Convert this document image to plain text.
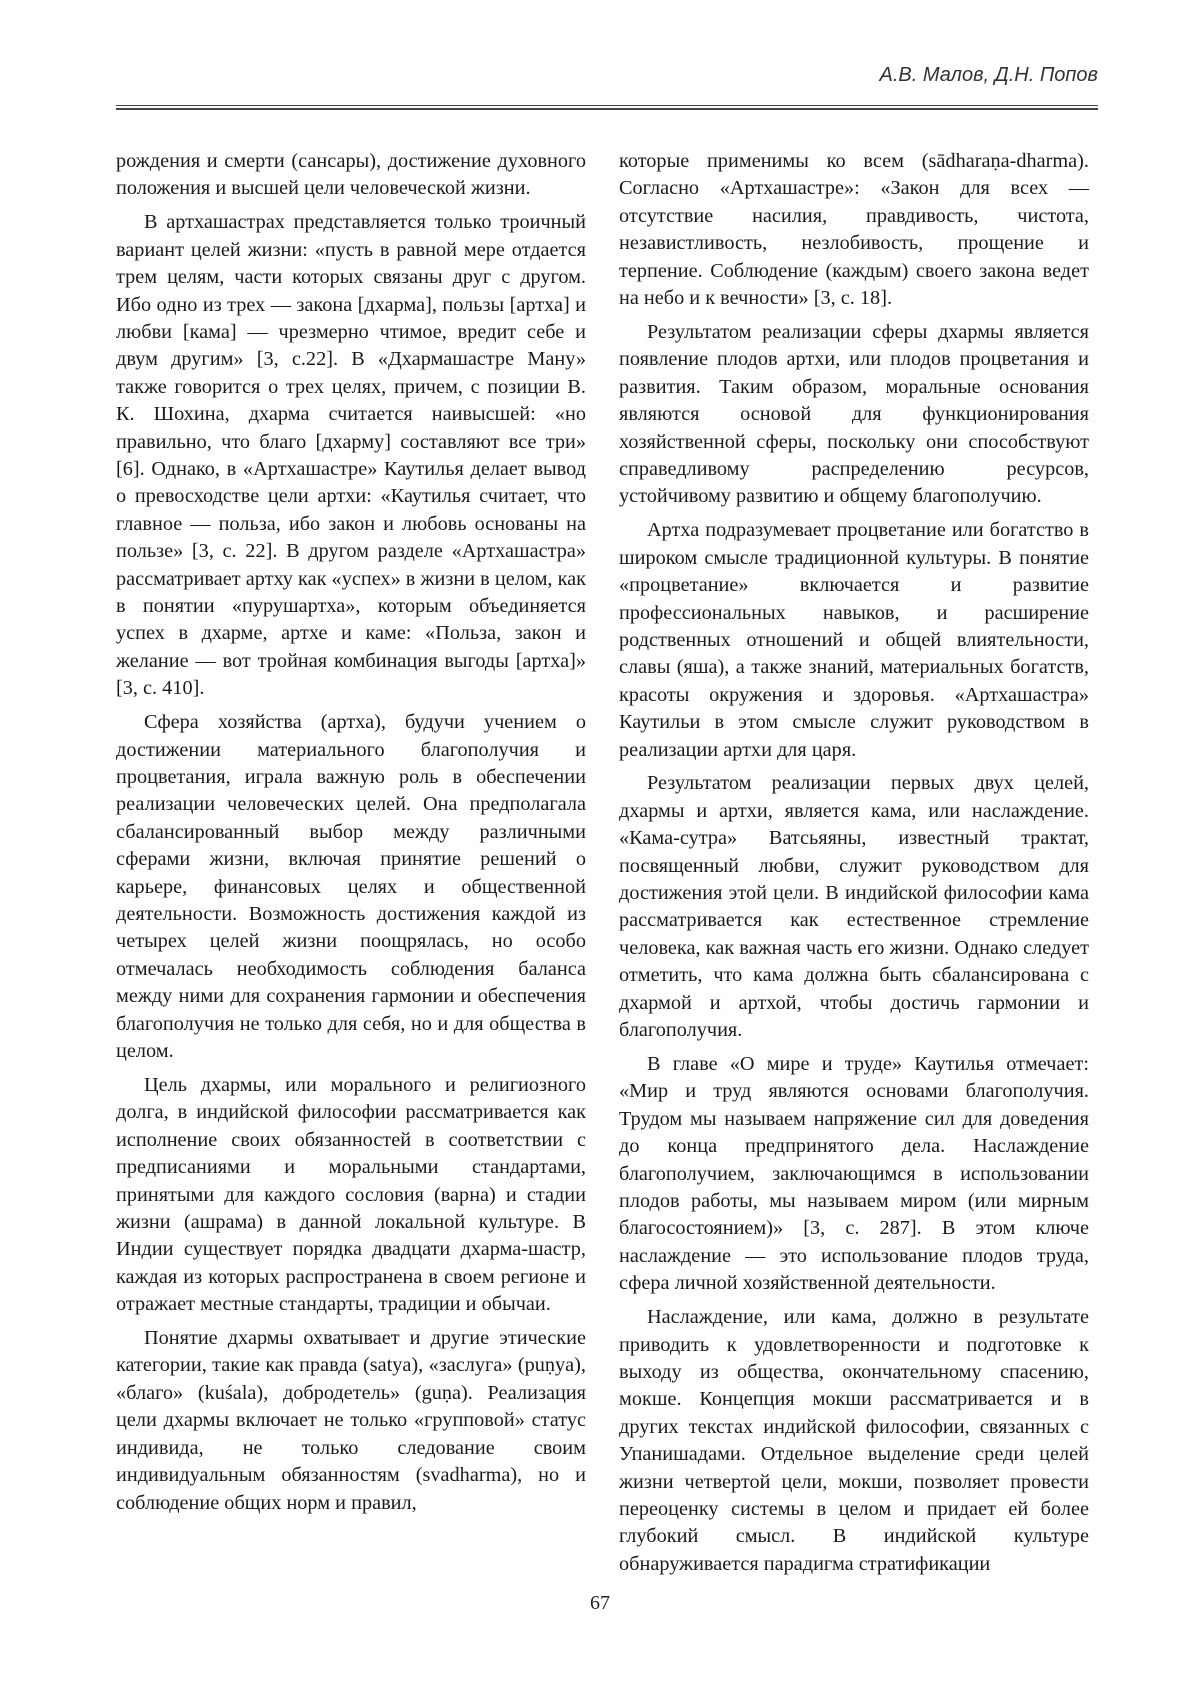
А.В. Малов, Д.Н. Попов

рождения и смерти (сансары), достижение духовного положения и высшей цели человеческой жизни.

В артхашастрах представляется только троичный вариант целей жизни: «пусть в равной мере отдается трем целям, части которых связаны друг с другом. Ибо одно из трех — закона [дхарма], пользы [артха] и любви [кама] — чрезмерно чтимое, вредит себе и двум другим» [3, с.22]. В «Дхармашастре Ману» также говорится о трех целях, причем, с позиции В. К. Шохина, дхарма считается наивысшей: «но правильно, что благо [дхарму] составляют все три» [6]. Однако, в «Артхашастре» Каутилья делает вывод о превосходстве цели артхи: «Каутилья считает, что главное — польза, ибо закон и любовь основаны на пользе» [3, с. 22]. В другом разделе «Артхашастра» рассматривает артху как «успех» в жизни в целом, как в понятии «пурушартха», которым объединяется успех в дхарме, артхе и каме: «Польза, закон и желание — вот тройная комбинация выгоды [артха]» [3, с. 410].

Сфера хозяйства (артха), будучи учением о достижении материального благополучия и процветания, играла важную роль в обеспечении реализации человеческих целей. Она предполагала сбалансированный выбор между различными сферами жизни, включая принятие решений о карьере, финансовых целях и общественной деятельности. Возможность достижения каждой из четырех целей жизни поощрялась, но особо отмечалась необходимость соблюдения баланса между ними для сохранения гармонии и обеспечения благополучия не только для себя, но и для общества в целом.

Цель дхармы, или морального и религиозного долга, в индийской философии рассматривается как исполнение своих обязанностей в соответствии с предписаниями и моральными стандартами, принятыми для каждого сословия (варна) и стадии жизни (ашрама) в данной локальной культуре. В Индии существует порядка двадцати дхарма-шастр, каждая из которых распространена в своем регионе и отражает местные стандарты, традиции и обычаи.

Понятие дхармы охватывает и другие этические категории, такие как правда (satya), «заслуга» (puṇya), «благо» (kuśala), добродетель» (guṇa). Реализация цели дхармы включает не только «групповой» статус индивида, не только следование своим индивидуальным обязанностям (svadharma), но и соблюдение общих норм и правил,

которые применимы ко всем (sādharaṇa-dharma). Согласно «Артхашастре»: «Закон для всех — отсутствие насилия, правдивость, чистота, независтливость, незлобивость, прощение и терпение. Соблюдение (каждым) своего закона ведет на небо и к вечности» [3, с. 18].

Результатом реализации сферы дхармы является появление плодов артхи, или плодов процветания и развития. Таким образом, моральные основания являются основой для функционирования хозяйственной сферы, поскольку они способствуют справедливому распределению ресурсов, устойчивому развитию и общему благополучию.

Артха подразумевает процветание или богатство в широком смысле традиционной культуры. В понятие «процветание» включается и развитие профессиональных навыков, и расширение родственных отношений и общей влиятельности, славы (яша), а также знаний, материальных богатств, красоты окружения и здоровья. «Артхашастра» Каутильи в этом смысле служит руководством в реализации артхи для царя.

Результатом реализации первых двух целей, дхармы и артхи, является кама, или наслаждение. «Кама-сутра» Ватсьяяны, известный трактат, посвященный любви, служит руководством для достижения этой цели. В индийской философии кама рассматривается как естественное стремление человека, как важная часть его жизни. Однако следует отметить, что кама должна быть сбалансирована с дхармой и артхой, чтобы достичь гармонии и благополучия.

В главе «О мире и труде» Каутилья отмечает: «Мир и труд являются основами благополучия. Трудом мы называем напряжение сил для доведения до конца предпринятого дела. Наслаждение благополучием, заключающимся в использовании плодов работы, мы называем миром (или мирным благосостоянием)» [3, с. 287]. В этом ключе наслаждение — это использование плодов труда, сфера личной хозяйственной деятельности.

Наслаждение, или кама, должно в результате приводить к удовлетворенности и подготовке к выходу из общества, окончательному спасению, мокше. Концепция мокши рассматривается и в других текстах индийской философии, связанных с Упанишадами. Отдельное выделение среди целей жизни четвертой цели, мокши, позволяет провести переоценку системы в целом и придает ей более глубокий смысл. В индийской культуре обнаруживается парадигма стратификации

67
